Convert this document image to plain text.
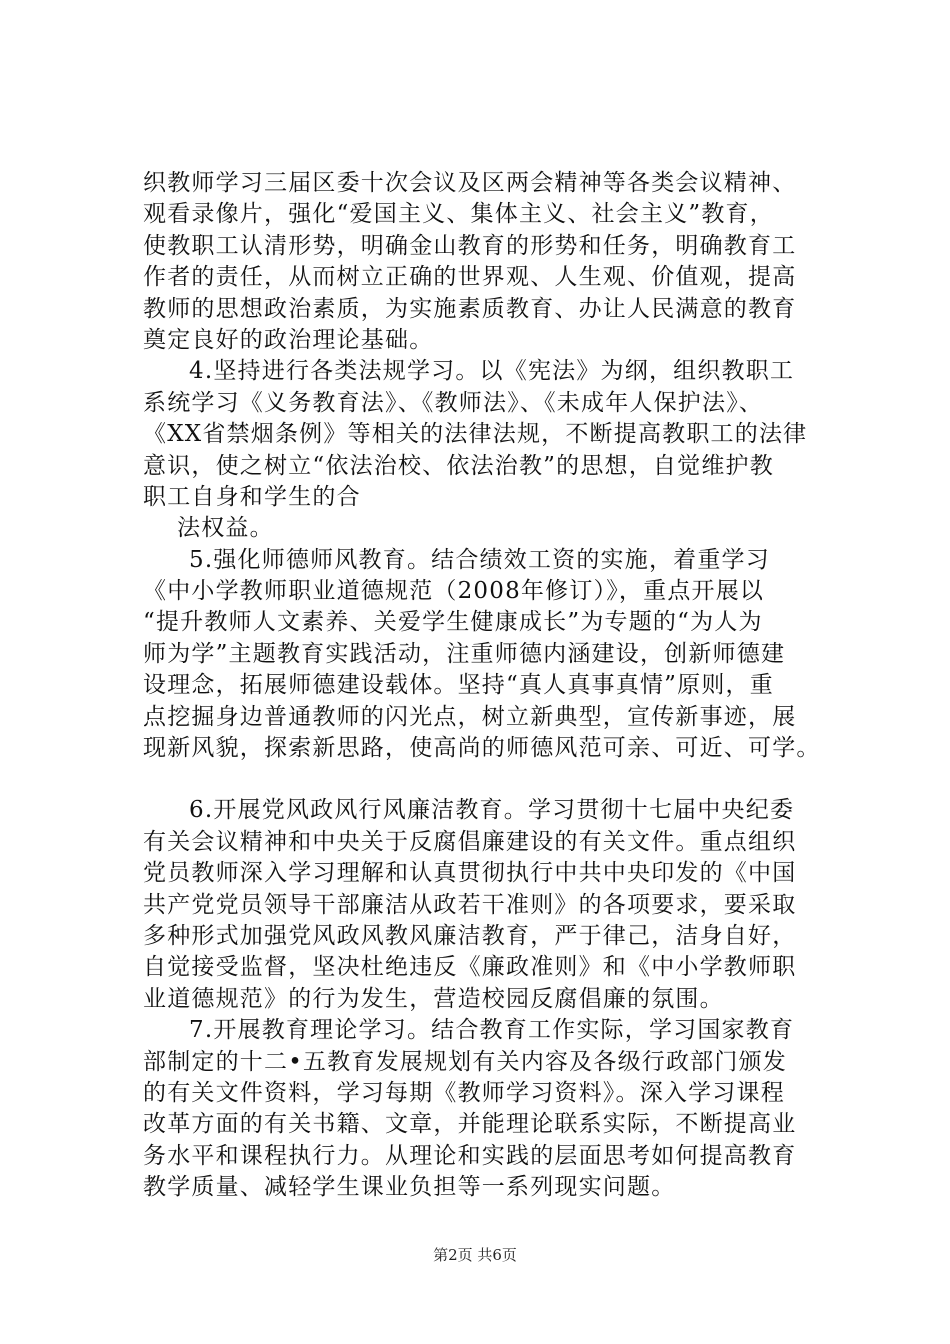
织教师学习三届区委十次会议及区两会精神等各类会议精神、
观看录像片，强化“爱国主义、集体主义、社会主义”教育，
使教职工认清形势，明确金山教育的形势和任务，明确教育工
作者的责任，从而树立正确的世界观、人生观、价值观，提高
教师的思想政治素质，为实施素质教育、办让人民满意的教育
奠定良好的政治理论基础。
4.坚持进行各类法规学习。以《宪法》为纲，组织教职工
系统学习《义务教育法》、《教师法》、《未成年人保护法》、
《XX省禁烟条例》等相关的法律法规，不断提高教职工的法律
意识，使之树立“依法治校、依法治教”的思想，自觉维护教
职工自身和学生的合
法权益。
5.强化师德师风教育。结合绩效工资的实施，着重学习
《中小学教师职业道德规范（2008年修订）》，重点开展以
“提升教师人文素养、关爱学生健康成长”为专题的“为人为
师为学”主题教育实践活动，注重师德内涵建设，创新师德建
设理念，拓展师德建设载体。坚持“真人真事真情”原则，重
点挖掘身边普通教师的闪光点，树立新典型，宣传新事迹，展
现新风貌，探索新思路，使高尚的师德风范可亲、可近、可学。
6.开展党风政风行风廉洁教育。学习贯彻十七届中央纪委
有关会议精神和中央关于反腐倡廉建设的有关文件。重点组织
党员教师深入学习理解和认真贯彻执行中共中央印发的《中国
共产党党员领导干部廉洁从政若干准则》的各项要求，要采取
多种形式加强党风政风教风廉洁教育，严于律己，洁身自好，
自觉接受监督，坚决杜绝违反《廉政准则》和《中小学教师职
业道德规范》的行为发生，营造校园反腐倡廉的氛围。
7.开展教育理论学习。结合教育工作实际，学习国家教育
部制定的十二•五教育发展规划有关内容及各级行政部门颁发
的有关文件资料，学习每期《教师学习资料》。深入学习课程
改革方面的有关书籍、文章，并能理论联系实际，不断提高业
务水平和课程执行力。从理论和实践的层面思考如何提高教育
教学质量、减轻学生课业负担等一系列现实问题。
第2页 共6页
